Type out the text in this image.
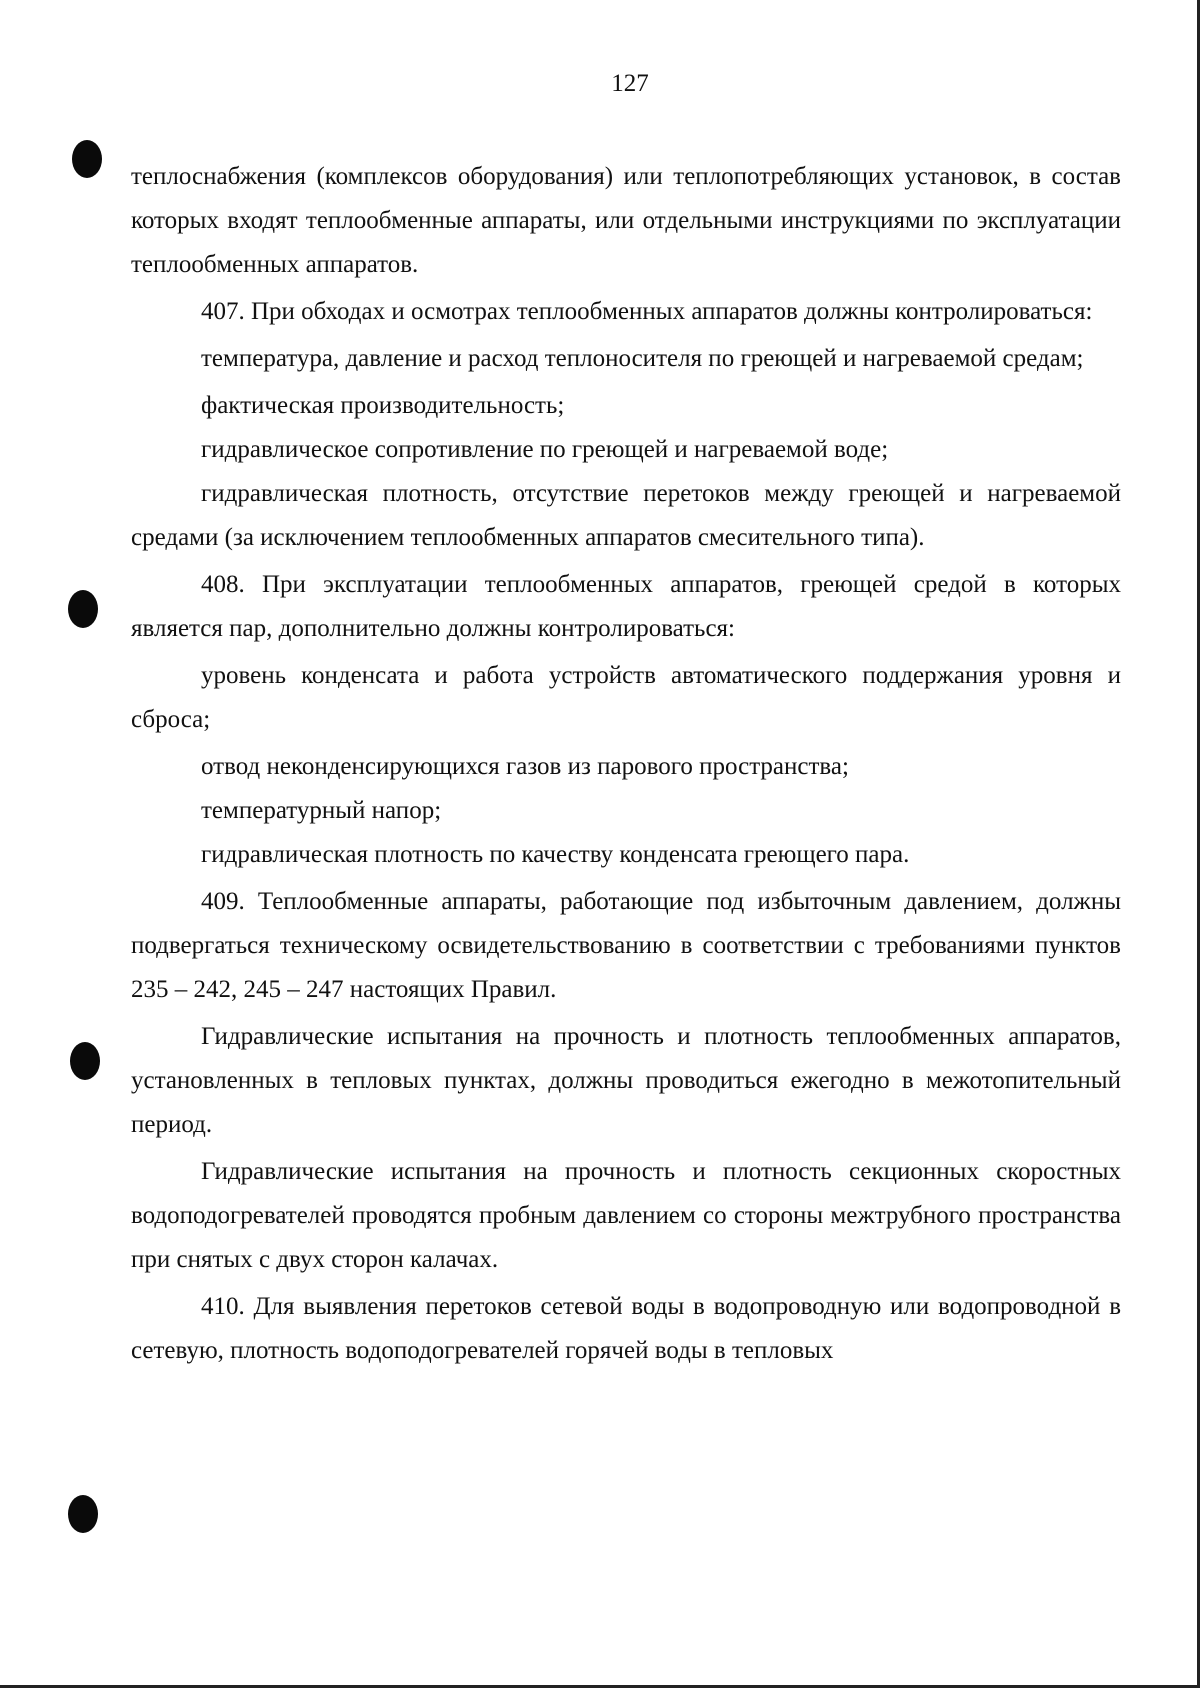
127

теплоснабжения (комплексов оборудования) или теплопотребляющих установок, в состав которых входят теплообменные аппараты, или отдельными инструкциями по эксплуатации теплообменных аппаратов.

407. При обходах и осмотрах теплообменных аппаратов должны контролироваться:

температура, давление и расход теплоносителя по греющей и нагреваемой средам;

фактическая производительность;

гидравлическое сопротивление по греющей и нагреваемой воде;

гидравлическая плотность, отсутствие перетоков между греющей и нагреваемой средами (за исключением теплообменных аппаратов смесительного типа).

408. При эксплуатации теплообменных аппаратов, греющей средой в которых является пар, дополнительно должны контролироваться:

уровень конденсата и работа устройств автоматического поддержания уровня и сброса;

отвод неконденсирующихся газов из парового пространства;

температурный напор;

гидравлическая плотность по качеству конденсата греющего пара.

409. Теплообменные аппараты, работающие под избыточным давлением, должны подвергаться техническому освидетельствованию в соответствии с требованиями пунктов 235 – 242, 245 – 247 настоящих Правил.

Гидравлические испытания на прочность и плотность теплообменных аппаратов, установленных в тепловых пунктах, должны проводиться ежегодно в межотопительный период.

Гидравлические испытания на прочность и плотность секционных скоростных водоподогревателей проводятся пробным давлением со стороны межтрубного пространства при снятых с двух сторон калачах.

410. Для выявления перетоков сетевой воды в водопроводную или водопроводной в сетевую, плотность водоподогревателей горячей воды в тепловых
